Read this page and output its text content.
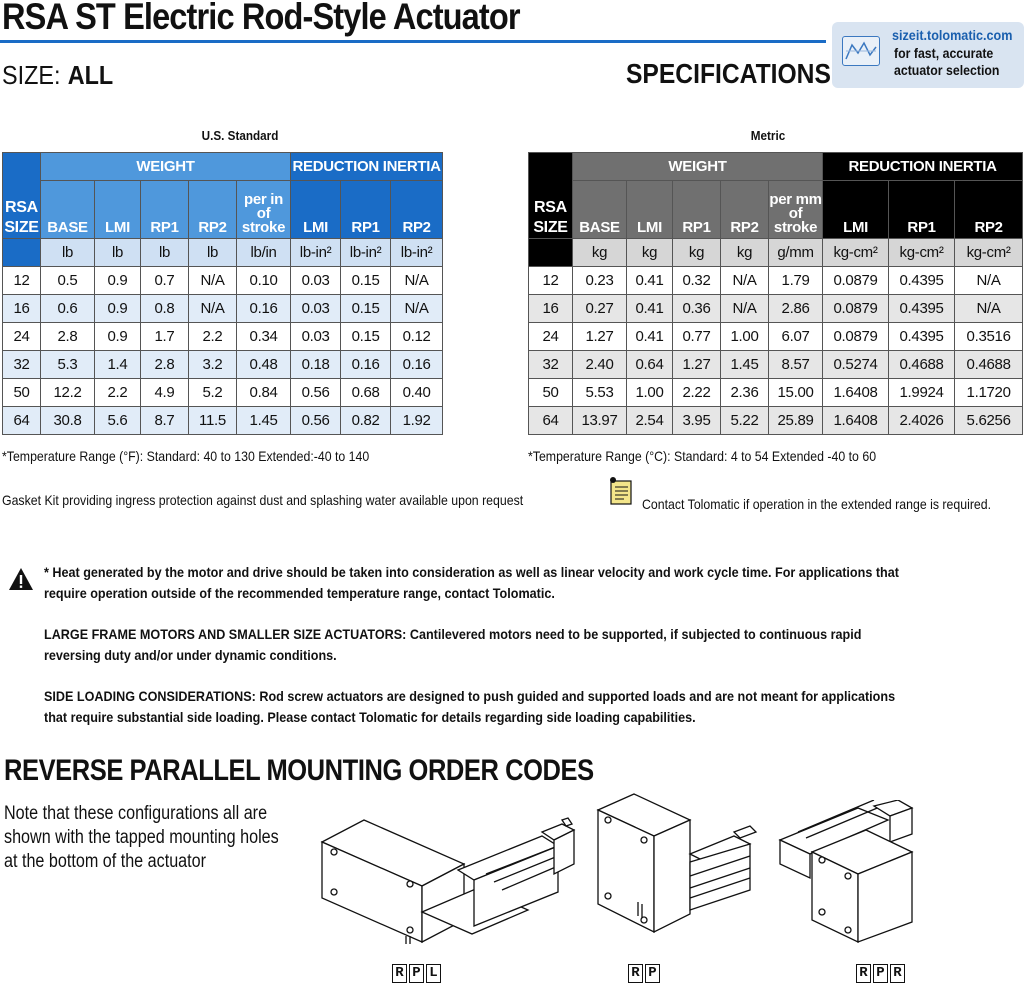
RSA ST Electric Rod-Style Actuator
SIZE: ALL	SPECIFICATIONS
sizeit.tolomatic.com
for fast, accurate
actuator selection
U.S. Standard	Metric
RSA
SIZE	WEIGHT					REDUCTION INERTIA		
	BASE	LMI	RP1	RP2	per in of stroke	LMI	RP1	RP2
	lb	lb	lb	lb	lb/in	lb-in²	lb-in²	lb-in²
12	0.5	0.9	0.7	N/A	0.10	0.03	0.15	N/A
16	0.6	0.9	0.8	N/A	0.16	0.03	0.15	N/A
24	2.8	0.9	1.7	2.2	0.34	0.03	0.15	0.12
32	5.3	1.4	2.8	3.2	0.48	0.18	0.16	0.16
50	12.2	2.2	4.9	5.2	0.84	0.56	0.68	0.40
64	30.8	5.6	8.7	11.5	1.45	0.56	0.82	1.92
RSA
SIZE	WEIGHT					REDUCTION INERTIA		
	BASE	LMI	RP1	RP2	per mm of stroke	LMI	RP1	RP2
	kg	kg	kg	kg	g/mm	kg-cm²	kg-cm²	kg-cm²
12	0.23	0.41	0.32	N/A	1.79	0.0879	0.4395	N/A
16	0.27	0.41	0.36	N/A	2.86	0.0879	0.4395	N/A
24	1.27	0.41	0.77	1.00	6.07	0.0879	0.4395	0.3516
32	2.40	0.64	1.27	1.45	8.57	0.5274	0.4688	0.4688
50	5.53	1.00	2.22	2.36	15.00	1.6408	1.9924	1.1720
64	13.97	2.54	3.95	5.22	25.89	1.6408	2.4026	5.6256
*Temperature Range (°F): Standard: 40 to 130 Extended:-40 to 140	*Temperature Range (°C): Standard: 4 to 54 Extended -40 to 60
Gasket Kit providing ingress protection against dust and splashing water available upon request	Contact Tolomatic if operation in the extended range is required.
* Heat generated by the motor and drive should be taken into consideration as well as linear velocity and work cycle time. For applications that require operation outside of the recommended temperature range, contact Tolomatic.
LARGE FRAME MOTORS AND SMALLER SIZE ACTUATORS: Cantilevered motors need to be supported, if subjected to continuous rapid reversing duty and/or under dynamic conditions.
SIDE LOADING CONSIDERATIONS: Rod screw actuators are designed to push guided and supported loads and are not meant for applications that require substantial side loading. Please contact Tolomatic for details regarding side loading capabilities.
REVERSE PARALLEL MOUNTING ORDER CODES
Note that these configurations all are shown with the tapped mounting holes at the bottom of the actuator
R P L	R P	R P R
